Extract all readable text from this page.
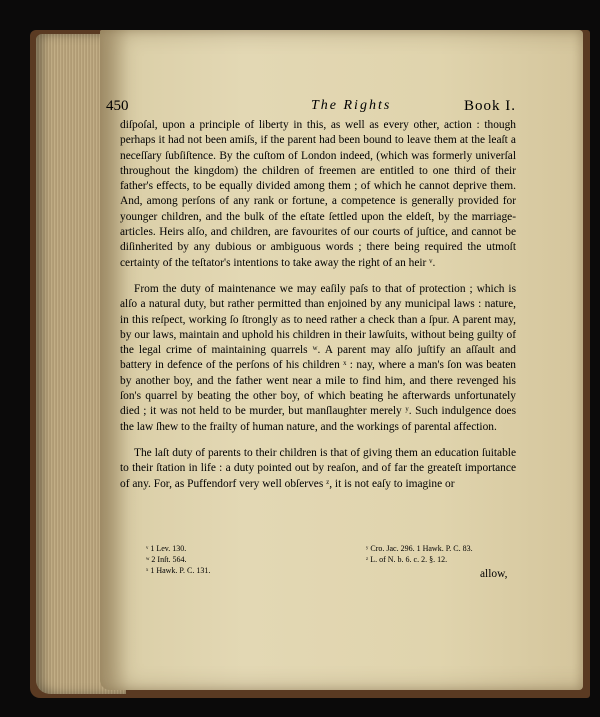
450	The Rights	Book I.

diſpoſal, upon a principle of liberty in this, as well as every other, action : though perhaps it had not been amiſs, if the parent had been bound to leave them at the leaſt a neceſſary ſubſiſtence. By the cuſtom of London indeed, (which was formerly univerſal throughout the kingdom) the children of freemen are entitled to one third of their father's effects, to be equally divided among them ; of which he cannot deprive them. And, among perſons of any rank or fortune, a competence is generally provided for younger children, and the bulk of the eſtate ſettled upon the eldeſt, by the marriage-articles. Heirs alſo, and children, are favourites of our courts of juſtice, and cannot be diſinherited by any dubious or ambiguous words ; there being required the utmoſt certainty of the teſtator's intentions to take away the right of an heir ᵛ.

From the duty of maintenance we may eaſily paſs to that of protection ; which is alſo a natural duty, but rather permitted than enjoined by any municipal laws : nature, in this reſpect, working ſo ſtrongly as to need rather a check than a ſpur. A parent may, by our laws, maintain and uphold his children in their lawſuits, without being guilty of the legal crime of maintaining quarrels ʷ. A parent may alſo juſtify an aſſault and battery in defence of the perſons of his children ˣ : nay, where a man's ſon was beaten by another boy, and the father went near a mile to find him, and there revenged his ſon's quarrel by beating the other boy, of which beating he afterwards unfortunately died ; it was not held to be murder, but manſlaughter merely ʸ. Such indulgence does the law ſhew to the frailty of human nature, and the workings of parental affection.

The laſt duty of parents to their children is that of giving them an education ſuitable to their ſtation in life : a duty pointed out by reaſon, and of far the greateſt importance of any. For, as Puffendorf very well obſerves ᶻ, it is not eaſy to imagine or

ᵛ 1 Lev. 130.
ʷ 2 Inſt. 564.
ˣ 1 Hawk. P. C. 131.
ʸ Cro. Jac. 296. 1 Hawk. P. C. 83.
ᶻ L. of N. b. 6. c. 2. §. 12.
allow,
